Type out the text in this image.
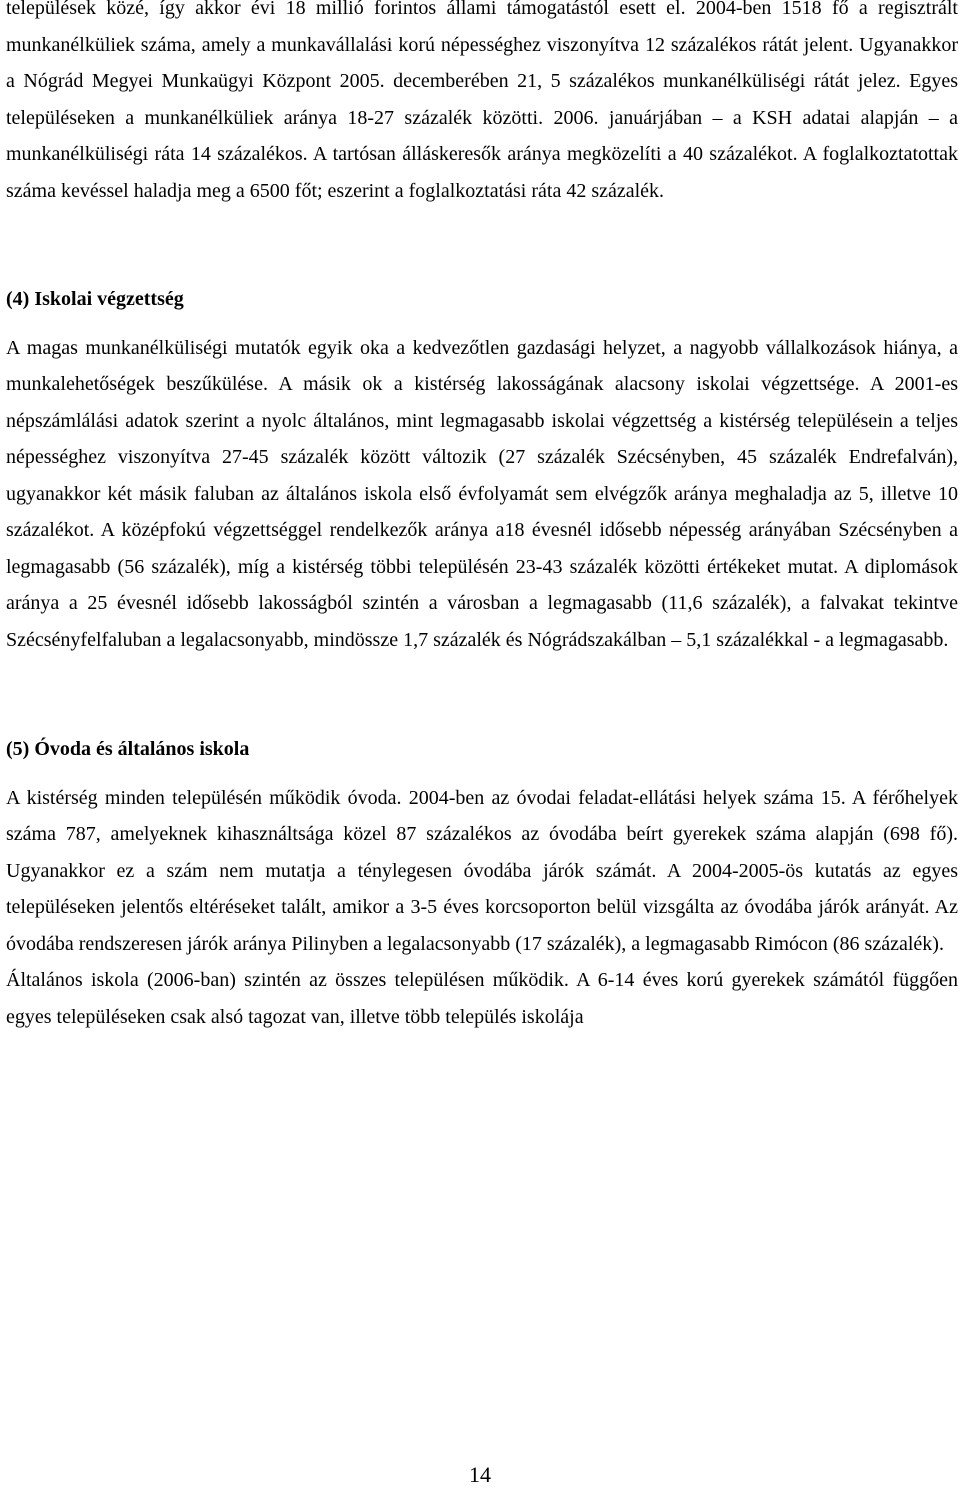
települések közé, így akkor évi 18 millió forintos állami támogatástól esett el. 2004-ben 1518 fő a regisztrált munkanélküliek száma, amely a munkavállalási korú népességhez viszonyítva 12 százalékos rátát jelent. Ugyanakkor a Nógrád Megyei Munkaügyi Központ 2005. decemberében 21, 5 százalékos munkanélküliségi rátát jelez. Egyes településeken a munkanélküliek aránya 18-27 százalék közötti. 2006. januárjában – a KSH adatai alapján – a munkanélküliségi ráta 14 százalékos. A tartósan álláskeresők aránya megközelíti a 40 százalékot. A foglalkoztatottak száma kevéssel haladja meg a 6500 főt; eszerint a foglalkoztatási ráta 42 százalék.

(4) Iskolai végzettség

A magas munkanélküliségi mutatók egyik oka a kedvezőtlen gazdasági helyzet, a nagyobb vállalkozások hiánya, a munkalehetőségek beszűkülése. A másik ok a kistérség lakosságának alacsony iskolai végzettsége. A 2001-es népszámlálási adatok szerint a nyolc általános, mint legmagasabb iskolai végzettség a kistérség településein a teljes népességhez viszonyítva 27-45 százalék között változik (27 százalék Szécsényben, 45 százalék Endrefalván), ugyanakkor két másik faluban az általános iskola első évfolyamát sem elvégzők aránya meghaladja az 5, illetve 10 százalékot. A középfokú végzettséggel rendelkezők aránya a18 évesnél idősebb népesség arányában Szécsényben a legmagasabb (56 százalék), míg a kistérség többi településén 23-43 százalék közötti értékeket mutat. A diplomások aránya a 25 évesnél idősebb lakosságból szintén a városban a legmagasabb (11,6 százalék), a falvakat tekintve Szécsényfelfaluban a legalacsonyabb, mindössze 1,7 százalék és Nógrádszakálban – 5,1 százalékkal - a legmagasabb.

(5) Óvoda és általános iskola

A kistérség minden településén működik óvoda. 2004-ben az óvodai feladat-ellátási helyek száma 15. A férőhelyek száma 787, amelyeknek kihasználtsága közel 87 százalékos az óvodába beírt gyerekek száma alapján (698 fő). Ugyanakkor ez a szám nem mutatja a ténylegesen óvodába járók számát. A 2004-2005-ös kutatás az egyes településeken jelentős eltéréseket talált, amikor a 3-5 éves korcsoporton belül vizsgálta az óvodába járók arányát. Az óvodába rendszeresen járók aránya Pilinyben a legalacsonyabb (17 százalék), a legmagasabb Rimócon (86 százalék).

Általános iskola (2006-ban) szintén az összes településen működik. A 6-14 éves korú gyerekek számától függően egyes településeken csak alsó tagozat van, illetve több település iskolája

14
